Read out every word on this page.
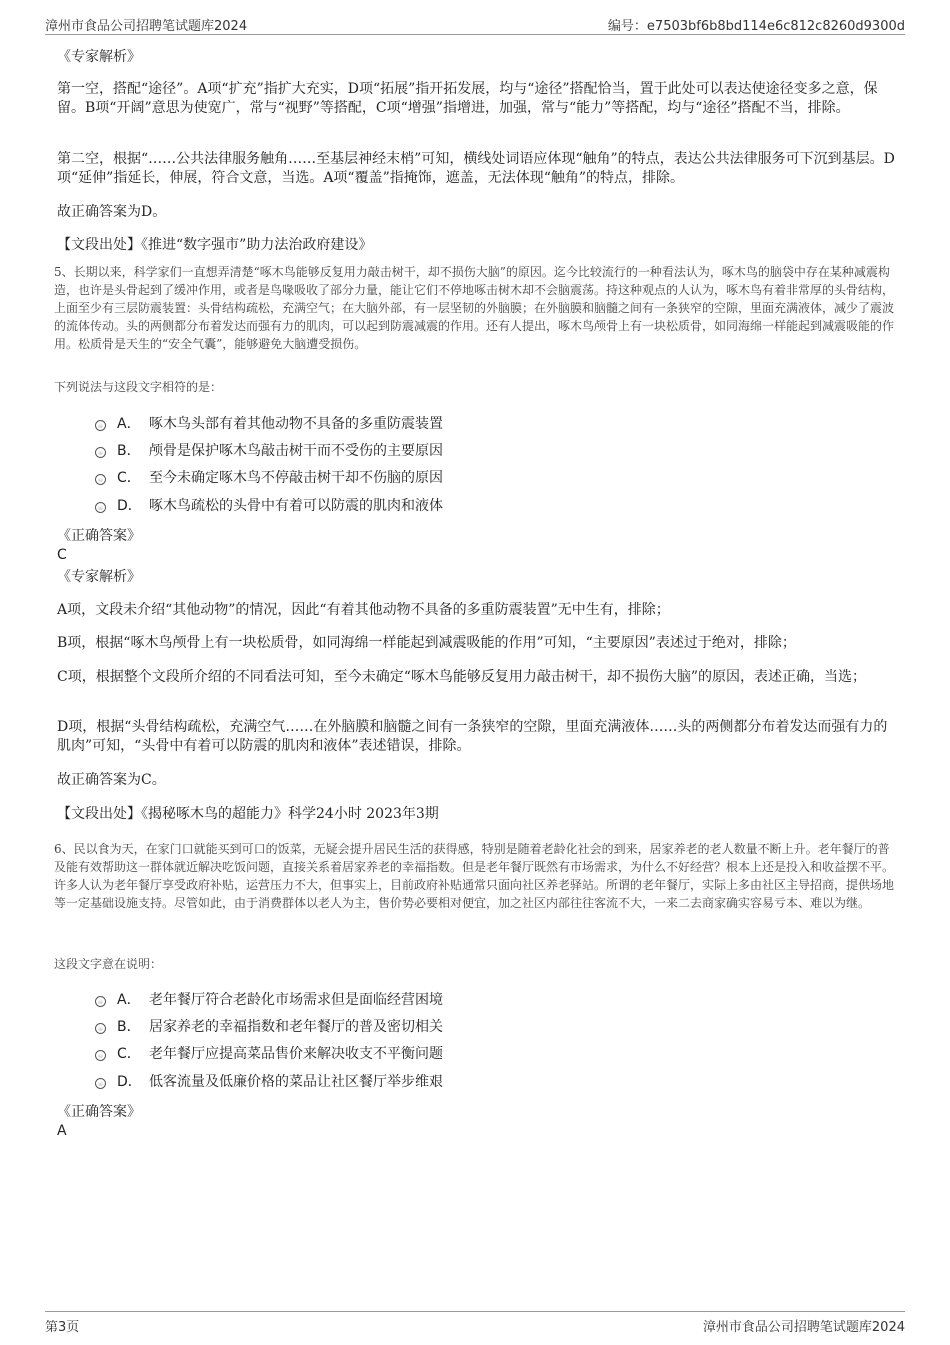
漳州市食品公司招聘笔试题库2024	编号：e7503bf6b8bd114e6c812c8260d9300d

《专家解析》

第一空，搭配“途径”。A项“扩充”指扩大充实，D项“拓展”指开拓发展，均与“途径”搭配恰当，置于此处可以表达使途径变多之意，保留。B项“开阔”意思为使宽广，常与“视野”等搭配，C项“增强”指增进，加强，常与“能力”等搭配，均与“途径”搭配不当，排除。

第二空，根据“……公共法律服务触角……至基层神经末梢”可知，横线处词语应体现“触角”的特点，表达公共法律服务可下沉到基层。D项“延伸”指延长，伸展，符合文意，当选。A项“覆盖”指掩饰，遮盖，无法体现“触角”的特点，排除。

故正确答案为D。

【文段出处】《推进“数字强市”助力法治政府建设》

5、长期以来，科学家们一直想弄清楚“啄木鸟能够反复用力敲击树干，却不损伤大脑”的原因。迄今比较流行的一种看法认为，啄木鸟的脑袋中存在某种减震构造，也许是头骨起到了缓冲作用，或者是鸟喙吸收了部分力量，能让它们不停地啄击树木却不会脑震荡。持这种观点的人认为，啄木鸟有着非常厚的头骨结构，上面至少有三层防震装置：头骨结构疏松，充满空气；在大脑外部，有一层坚韧的外脑膜；在外脑膜和脑髓之间有一条狭窄的空隙，里面充满液体，减少了震波的流体传动。头的两侧都分布着发达而强有力的肌肉，可以起到防震减震的作用。还有人提出，啄木鸟颅骨上有一块松质骨，如同海绵一样能起到减震吸能的作用。松质骨是天生的“安全气囊”，能够避免大脑遭受损伤。

下列说法与这段文字相符的是：

A． 啄木鸟头部有着其他动物不具备的多重防震装置
B． 颅骨是保护啄木鸟敲击树干而不受伤的主要原因
C． 至今未确定啄木鸟不停敲击树干却不伤脑的原因
D． 啄木鸟疏松的头骨中有着可以防震的肌肉和液体

《正确答案》

C

《专家解析》

A项，文段未介绍“其他动物”的情况，因此“有着其他动物不具备的多重防震装置”无中生有，排除；

B项，根据“啄木鸟颅骨上有一块松质骨，如同海绵一样能起到减震吸能的作用”可知，“主要原因”表述过于绝对，排除；

C项，根据整个文段所介绍的不同看法可知，至今未确定“啄木鸟能够反复用力敲击树干，却不损伤大脑”的原因，表述正确，当选；

D项，根据“头骨结构疏松，充满空气……在外脑膜和脑髓之间有一条狭窄的空隙，里面充满液体……头的两侧都分布着发达而强有力的肌肉”可知，“头骨中有着可以防震的肌肉和液体”表述错误，排除。

故正确答案为C。

【文段出处】《揭秘啄木鸟的超能力》科学24小时 2023年3期

6、民以食为天，在家门口就能买到可口的饭菜，无疑会提升居民生活的获得感，特别是随着老龄化社会的到来，居家养老的老人数量不断上升。老年餐厅的普及能有效帮助这一群体就近解决吃饭问题，直接关系着居家养老的幸福指数。但是老年餐厅既然有市场需求，为什么不好经营？根本上还是投入和收益摆不平。许多人认为老年餐厅享受政府补贴，运营压力不大，但事实上，目前政府补贴通常只面向社区养老驿站。所谓的老年餐厅，实际上多由社区主导招商，提供场地等一定基础设施支持。尽管如此，由于消费群体以老人为主，售价势必要相对便宜，加之社区内部往往客流不大，一来二去商家确实容易亏本、难以为继。

这段文字意在说明：

A． 老年餐厅符合老龄化市场需求但是面临经营困境
B． 居家养老的幸福指数和老年餐厅的普及密切相关
C． 老年餐厅应提高菜品售价来解决收支不平衡问题
D． 低客流量及低廉价格的菜品让社区餐厅举步维艰

《正确答案》

A

第3页	漳州市食品公司招聘笔试题库2024
